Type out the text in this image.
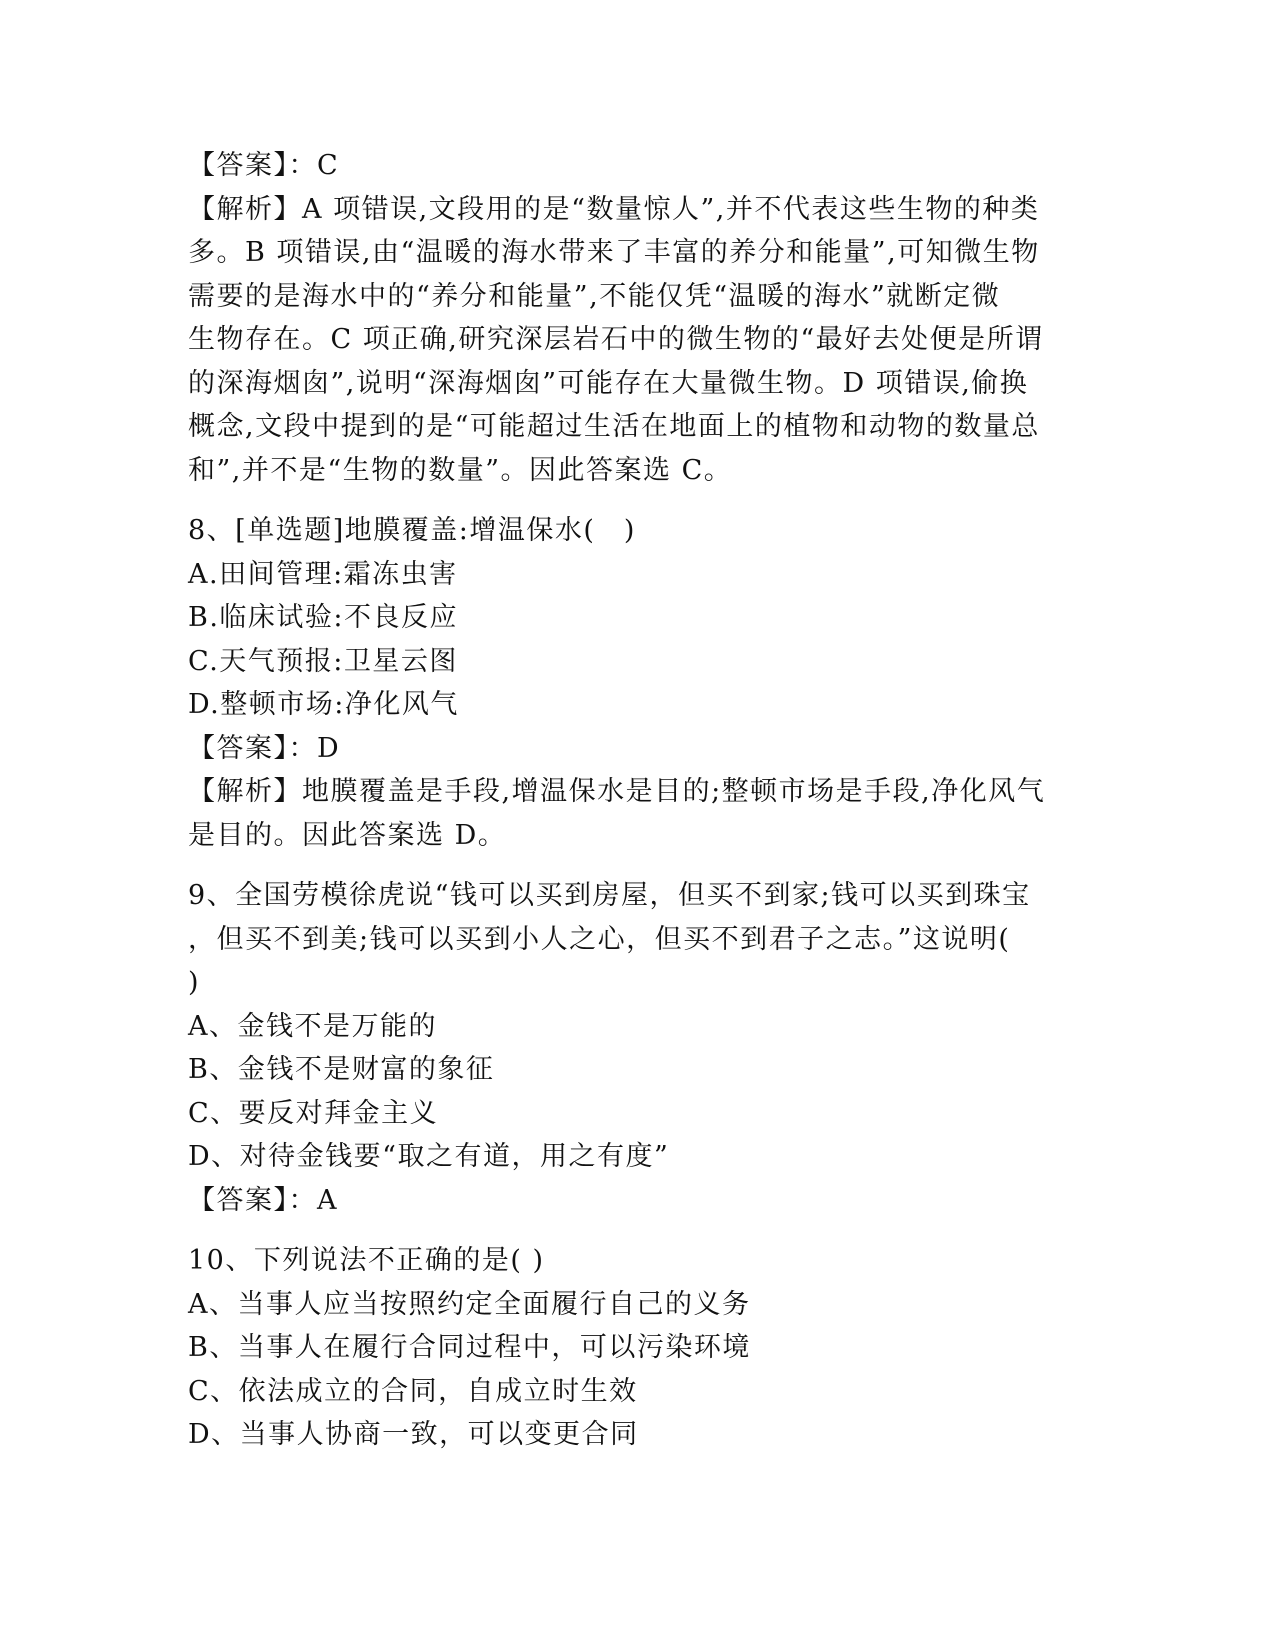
【答案】：C
【解析】A 项错误,文段用的是“数量惊人”,并不代表这些生物的种类
多。B 项错误,由“温暖的海水带来了丰富的养分和能量”,可知微生物
需要的是海水中的“养分和能量”,不能仅凭“温暖的海水”就断定微
生物存在。C 项正确,研究深层岩石中的微生物的“最好去处便是所谓
的深海烟囱”,说明“深海烟囱”可能存在大量微生物。D 项错误,偷换
概念,文段中提到的是“可能超过生活在地面上的植物和动物的数量总
和”,并不是“生物的数量”。因此答案选 C。
8、[单选题]地膜覆盖:增温保水(　)
A.田间管理:霜冻虫害
B.临床试验:不良反应
C.天气预报:卫星云图
D.整顿市场:净化风气
【答案】：D
【解析】地膜覆盖是手段,增温保水是目的;整顿市场是手段,净化风气
是目的。因此答案选 D。
9、全国劳模徐虎说“钱可以买到房屋，但买不到家;钱可以买到珠宝
，但买不到美;钱可以买到小人之心，但买不到君子之志。”这说明(
)
A、金钱不是万能的
B、金钱不是财富的象征
C、要反对拜金主义
D、对待金钱要“取之有道，用之有度”
【答案】：A
10、下列说法不正确的是( )
A、当事人应当按照约定全面履行自己的义务
B、当事人在履行合同过程中，可以污染环境
C、依法成立的合同，自成立时生效
D、当事人协商一致，可以变更合同
